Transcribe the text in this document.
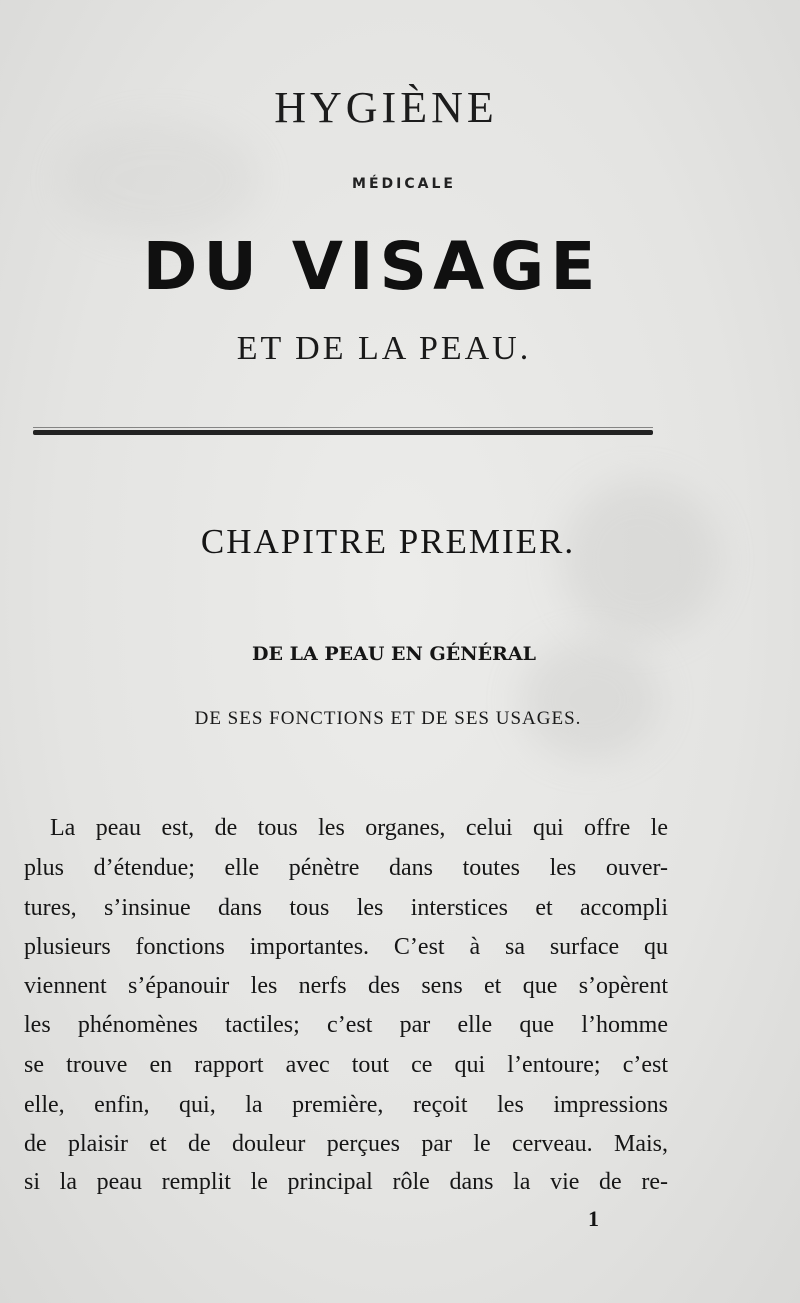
HYGIÈNE

MÉDICALE

DU VISAGE

ET DE LA PEAU.

CHAPITRE PREMIER.

DE LA PEAU EN GÉNÉRAL

DE SES FONCTIONS ET DE SES USAGES.

La peau est, de tous les organes, celui qui offre le

plus d’étendue; elle pénètre dans toutes les ouver-

tures, s’insinue dans tous les interstices et accompli

plusieurs fonctions importantes. C’est à sa surface qu

viennent s’épanouir les nerfs des sens et que s’opèrent

les phénomènes tactiles; c’est par elle que l’homme

se trouve en rapport avec tout ce qui l’entoure; c’est

elle, enfin, qui, la première, reçoit les impressions

de plaisir et de douleur perçues par le cerveau. Mais,

si la peau remplit le principal rôle dans la vie de re-

1
